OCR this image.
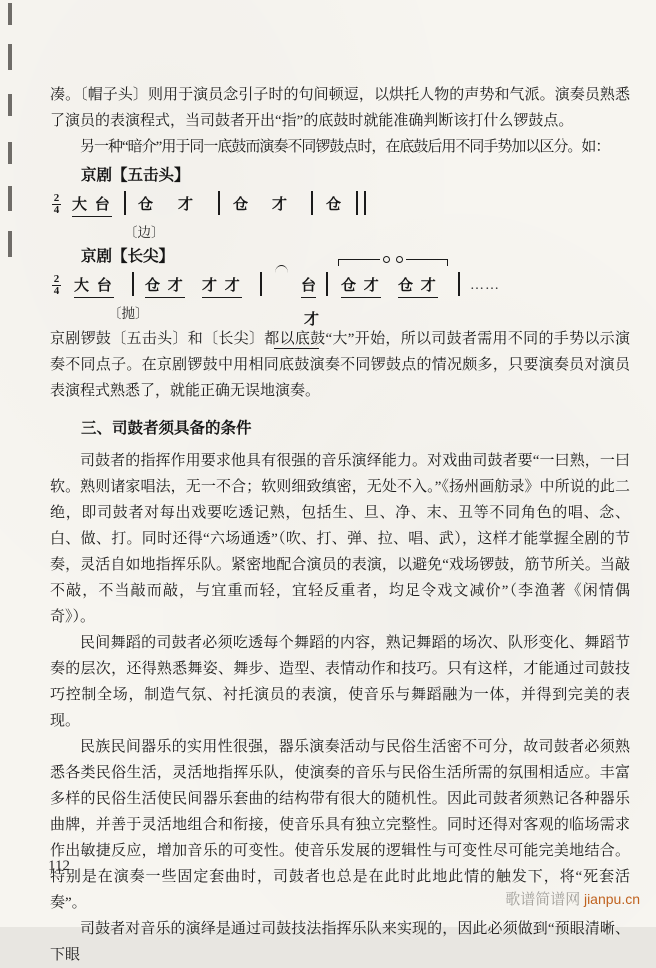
凑。〔帽子头〕则用于演员念引子时的句间顿逗，以烘托人物的声势和气派。演奏员熟悉了演员的表演程式，当司鼓者开出“指”的底鼓时就能准确判断该打什么锣鼓点。

另一种“暗介”用于同一底鼓而演奏不同锣鼓点时，在底鼓后用不同手势加以区分。如：

京剧【五击头】
2
4 大 台 仓 才	仓 才	仓
〔边〕
京剧【长尖】
2
4 大 台 仓 才 才 才

才

台 仓 才 仓 才 ……
〔抛〕

京剧锣鼓〔五击头〕和〔长尖〕都以底鼓“大”开始，所以司鼓者需用不同的手势以示演奏不同点子。在京剧锣鼓中用相同底鼓演奏不同锣鼓点的情况颇多，只要演奏员对演员表演程式熟悉了，就能正确无误地演奏。

三、司鼓者须具备的条件

司鼓者的指挥作用要求他具有很强的音乐演绎能力。对戏曲司鼓者要“一曰熟，一曰软。熟则诸家唱法，无一不合；软则细致缜密，无处不入。”《扬州画舫录》中所说的此二绝，即司鼓者对每出戏要吃透记熟，包括生、旦、净、末、丑等不同角色的唱、念、白、做、打。同时还得“六场通透”（吹、打、弹、拉、唱、武），这样才能掌握全剧的节奏，灵活自如地指挥乐队。紧密地配合演员的表演，以避免“戏场锣鼓，筋节所关。当敲不敲，不当敲而敲，与宜重而轻，宜轻反重者，均足令戏文减价”（李渔著《闲情偶奇》）。

民间舞蹈的司鼓者必须吃透每个舞蹈的内容，熟记舞蹈的场次、队形变化、舞蹈节奏的层次，还得熟悉舞姿、舞步、造型、表情动作和技巧。只有这样，才能通过司鼓技巧控制全场，制造气氛、衬托演员的表演，使音乐与舞蹈融为一体，并得到完美的表现。

民族民间器乐的实用性很强，器乐演奏活动与民俗生活密不可分，故司鼓者必须熟悉各类民俗生活，灵活地指挥乐队，使演奏的音乐与民俗生活所需的氛围相适应。丰富多样的民俗生活使民间器乐套曲的结构带有很大的随机性。因此司鼓者须熟记各种器乐曲牌，并善于灵活地组合和衔接，使音乐具有独立完整性。同时还得对客观的临场需求作出敏捷反应，增加音乐的可变性。使音乐发展的逻辑性与可变性尽可能完美地结合。特别是在演奏一些固定套曲时，司鼓者也总是在此时此地此情的触发下，将“死套活奏”。

司鼓者对音乐的演绎是通过司鼓技法指挥乐队来实现的，因此必须做到“预眼清晰、下眼

112
歌谱简谱网 jianpu.cn
